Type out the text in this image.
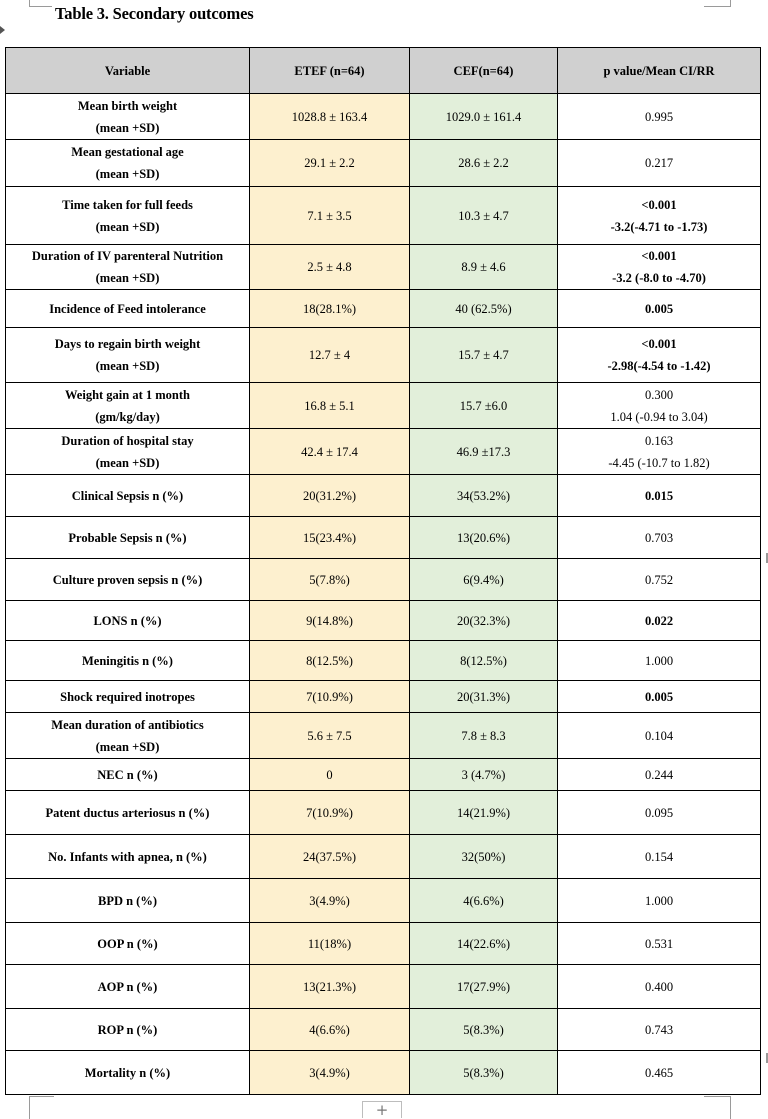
Table 3. Secondary outcomes
Variable	ETEF (n=64)	CEF(n=64)	p value/Mean CI/RR

Mean birth weight
(mean +SD)	1028.8 ± 163.4	1029.0 ± 161.4	0.995

Mean gestational age
(mean +SD)	29.1 ± 2.2	28.6 ± 2.2	0.217

Time taken for full feeds
(mean +SD)	7.1 ± 3.5	10.3 ± 4.7	<0.001
-3.2(-4.71 to -1.73)

Duration of IV parenteral Nutrition
(mean +SD)	2.5 ± 4.8	8.9 ± 4.6	<0.001
-3.2 (-8.0 to -4.70)

Incidence of Feed intolerance	18(28.1%)	40 (62.5%)	0.005

Days to regain birth weight
(mean +SD)	12.7 ± 4	15.7 ± 4.7	<0.001
-2.98(-4.54 to -1.42)

Weight gain at 1 month
(gm/kg/day)	16.8 ± 5.1	15.7 ±6.0	0.300
1.04 (-0.94 to 3.04)

Duration of hospital stay
(mean +SD)	42.4 ± 17.4	46.9 ±17.3	0.163
-4.45 (-10.7 to 1.82)

Clinical Sepsis n (%)	20(31.2%)	34(53.2%)	0.015

Probable Sepsis n (%)	15(23.4%)	13(20.6%)	0.703

Culture proven sepsis n (%)	5(7.8%)	6(9.4%)	0.752

LONS n (%)	9(14.8%)	20(32.3%)	0.022

Meningitis n (%)	8(12.5%)	8(12.5%)	1.000

Shock required inotropes	7(10.9%)	20(31.3%)	0.005

Mean duration of antibiotics
(mean +SD)	5.6 ± 7.5	7.8 ± 8.3	0.104

NEC n (%)	0	3 (4.7%)	0.244

Patent ductus arteriosus n (%)	7(10.9%)	14(21.9%)	0.095

No. Infants with apnea, n (%)	24(37.5%)	32(50%)	0.154

BPD n (%)	3(4.9%)	4(6.6%)	1.000

OOP n (%)	11(18%)	14(22.6%)	0.531

AOP n (%)	13(21.3%)	17(27.9%)	0.400

ROP n (%)	4(6.6%)	5(8.3%)	0.743

Mortality n (%)	3(4.9%)	5(8.3%)	0.465
+
